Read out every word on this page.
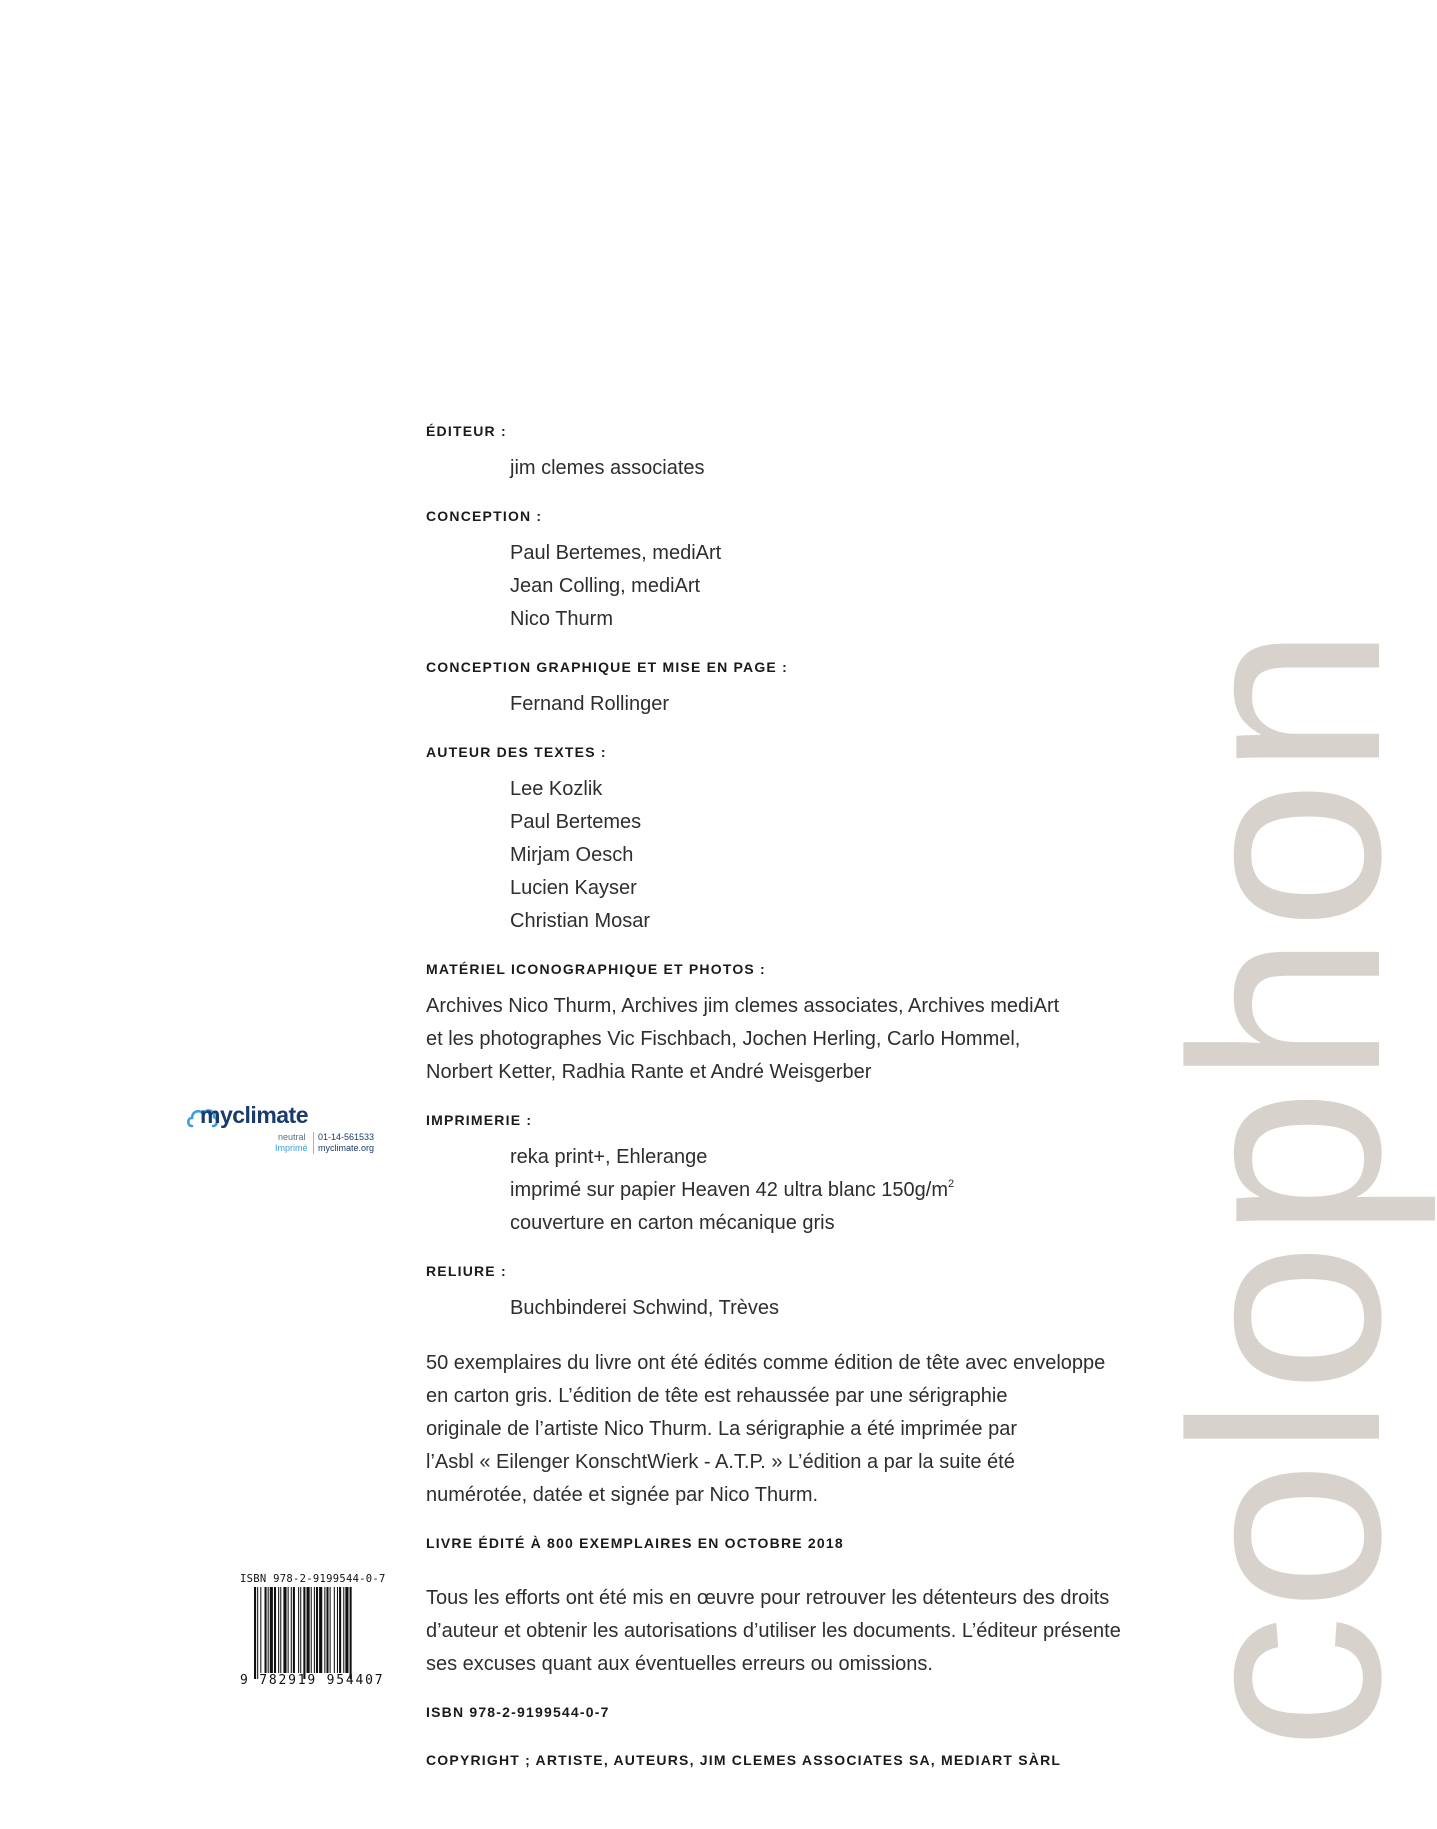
ÉDITEUR :
jim clemes associates
CONCEPTION :
Paul Bertemes, mediArt
Jean Colling, mediArt
Nico Thurm
CONCEPTION GRAPHIQUE ET MISE EN PAGE :
Fernand Rollinger
AUTEUR DES TEXTES :
Lee Kozlik
Paul Bertemes
Mirjam Oesch
Lucien Kayser
Christian Mosar
MATÉRIEL ICONOGRAPHIQUE ET PHOTOS :
Archives Nico Thurm, Archives jim clemes associates, Archives mediArt
et les photographes Vic Fischbach, Jochen Herling, Carlo Hommel,
Norbert Ketter, Radhia Rante et André Weisgerber
IMPRIMERIE :
reka print+, Ehlerange
imprimé sur papier Heaven 42 ultra blanc $150g/m^2$
couverture en carton mécanique gris
RELIURE :
Buchbinderei Schwind, Trèves
50 exemplaires du livre ont été édités comme édition de tête avec enveloppe
en carton gris. L’édition de tête est rehaussée par une sérigraphie
originale de l’artiste Nico Thurm. La sérigraphie a été imprimée par
l’Asbl « Eilenger KonschtWierk - A.T.P. » L’édition a par la suite été
numérotée, datée et signée par Nico Thurm.
LIVRE ÉDITÉ À 800 EXEMPLAIRES EN OCTOBRE 2018
Tous les efforts ont été mis en œuvre pour retrouver les détenteurs des droits
d’auteur et obtenir les autorisations d’utiliser les documents. L’éditeur présente
ses excuses quant aux éventuelles erreurs ou omissions.
ISBN 978-2-9199544-0-7
COPYRIGHT ; ARTISTE, AUTEURS, JIM CLEMES ASSOCIATES SA, MEDIART SÀRL
colophon
myclimate
neutral
Imprimé
01-14-561533
myclimate.org
ISBN 978-2-9199544-0-7
9 782919 954407
